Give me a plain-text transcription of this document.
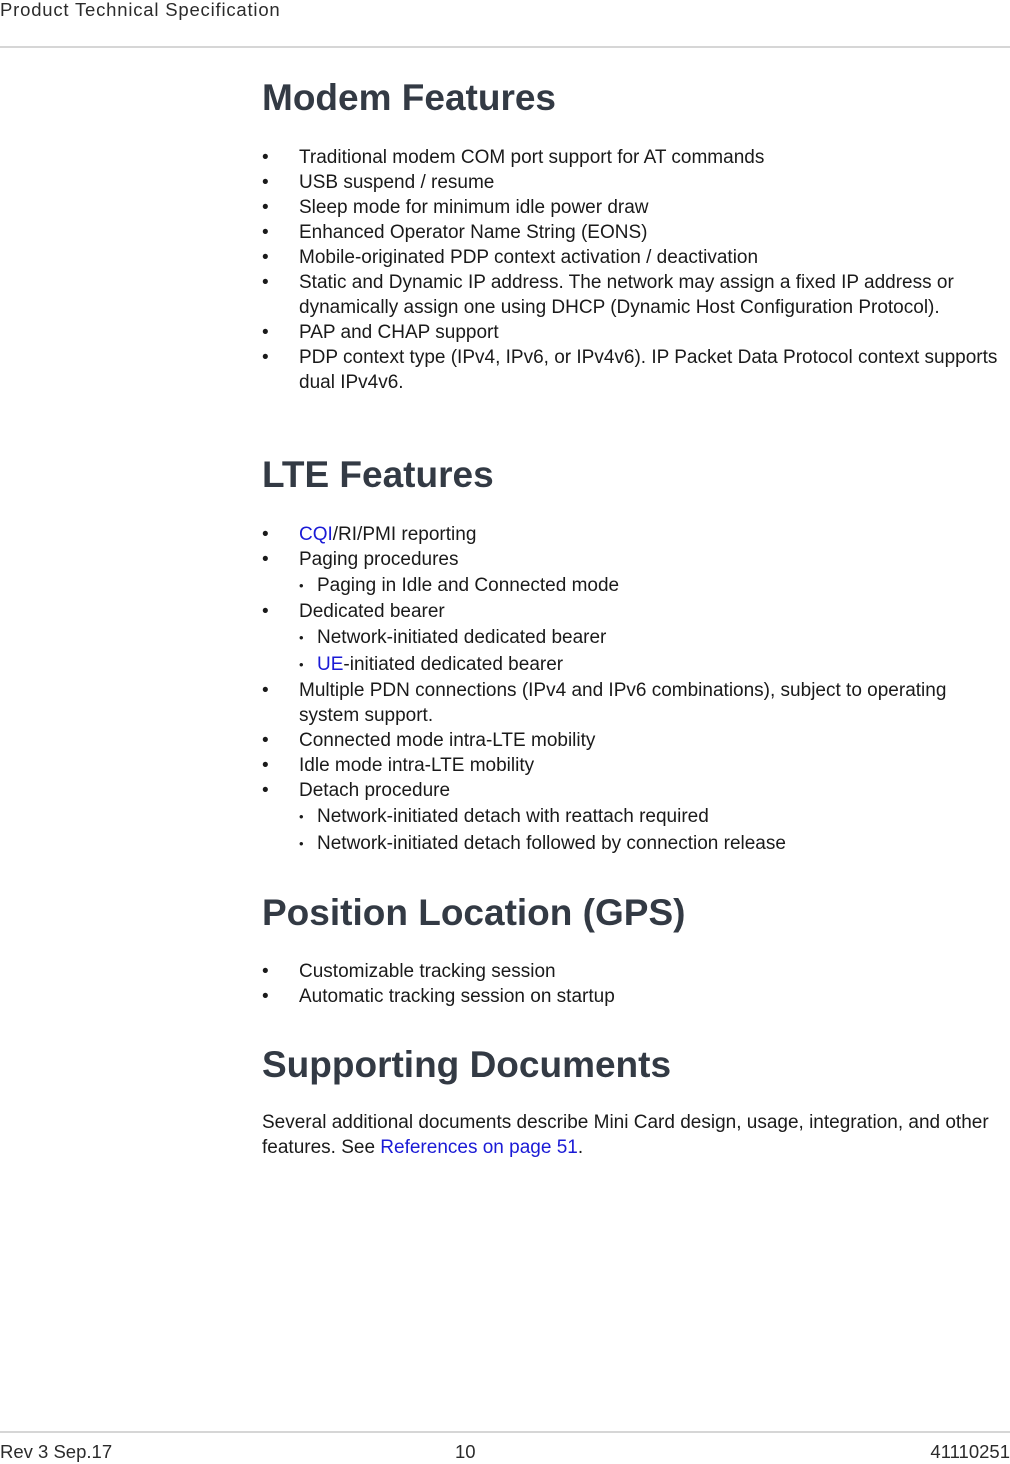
Product Technical Specification
Modem Features
• Traditional modem COM port support for AT commands
• USB suspend / resume
• Sleep mode for minimum idle power draw
• Enhanced Operator Name String (EONS)
• Mobile-originated PDP context activation / deactivation
• Static and Dynamic IP address. The network may assign a fixed IP address or dynamically assign one using DHCP (Dynamic Host Configuration Protocol).
• PAP and CHAP support
• PDP context type (IPv4, IPv6, or IPv4v6). IP Packet Data Protocol context supports dual IPv4v6.
LTE Features
• CQI/RI/PMI reporting
• Paging procedures
• Paging in Idle and Connected mode
• Dedicated bearer
• Network-initiated dedicated bearer
• UE-initiated dedicated bearer
• Multiple PDN connections (IPv4 and IPv6 combinations), subject to operating system support.
• Connected mode intra-LTE mobility
• Idle mode intra-LTE mobility
• Detach procedure
• Network-initiated detach with reattach required
• Network-initiated detach followed by connection release
Position Location (GPS)
• Customizable tracking session
• Automatic tracking session on startup
Supporting Documents

Several additional documents describe Mini Card design, usage, integration, and other features. See References on page 51.

Rev 3 Sep.17	10	41110251
